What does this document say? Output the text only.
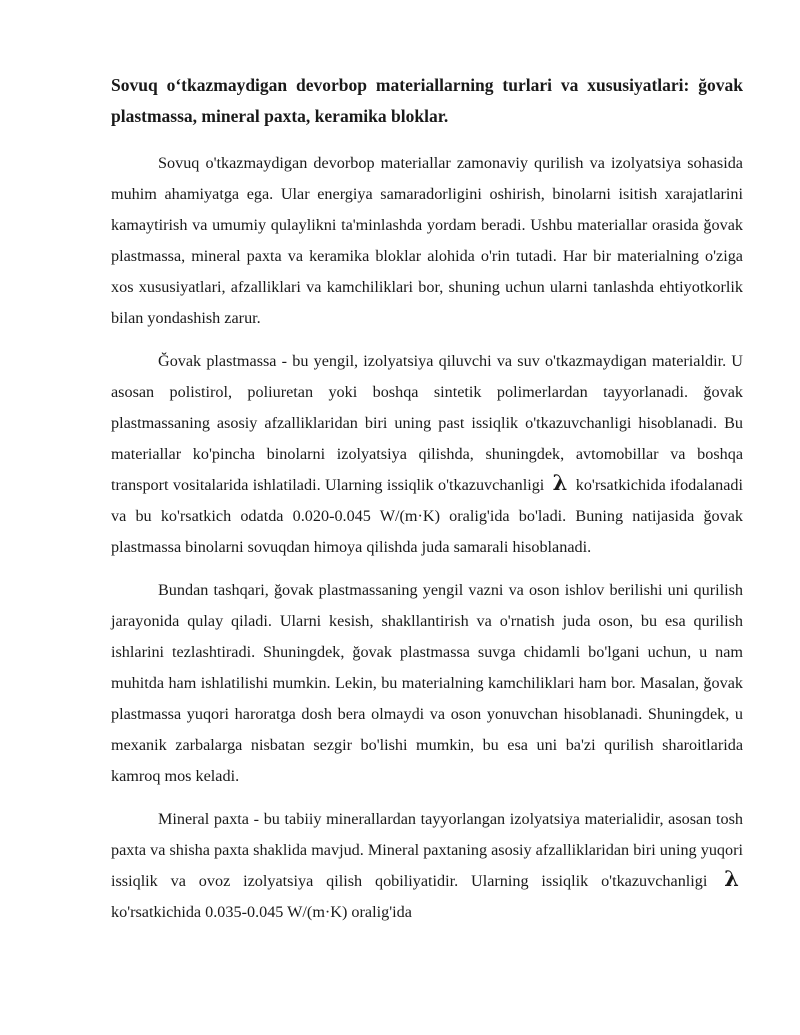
Sovuq oʻtkazmaydigan devorbop materiallarning turlari va xususiyatlari: ğovak plastmassa, mineral paxta, keramika bloklar.

Sovuq o'tkazmaydigan devorbop materiallar zamonaviy qurilish va izolyatsiya sohasida muhim ahamiyatga ega. Ular energiya samaradorligini oshirish, binolarni isitish xarajatlarini kamaytirish va umumiy qulaylikni ta'minlashda yordam beradi. Ushbu materiallar orasida ğovak plastmassa, mineral paxta va keramika bloklar alohida o'rin tutadi. Har bir materialning o'ziga xos xususiyatlari, afzalliklari va kamchiliklari bor, shuning uchun ularni tanlashda ehtiyotkorlik bilan yondashish zarur.

Ğovak plastmassa - bu yengil, izolyatsiya qiluvchi va suv o'tkazmaydigan materialdir. U asosan polistirol, poliuretan yoki boshqa sintetik polimerlardan tayyorlanadi. ğovak plastmassaning asosiy afzalliklaridan biri uning past issiqlik o'tkazuvchanligi hisoblanadi. Bu materiallar ko'pincha binolarni izolyatsiya qilishda, shuningdek, avtomobillar va boshqa transport vositalarida ishlatiladi. Ularning issiqlik o'tkazuvchanligi λ ko'rsatkichida ifodalanadi va bu ko'rsatkich odatda 0.020-0.045 W/(m·K) oralig'ida bo'ladi. Buning natijasida ğovak plastmassa binolarni sovuqdan himoya qilishda juda samarali hisoblanadi.

Bundan tashqari, ğovak plastmassaning yengil vazni va oson ishlov berilishi uni qurilish jarayonida qulay qiladi. Ularni kesish, shakllantirish va o'rnatish juda oson, bu esa qurilish ishlarini tezlashtiradi. Shuningdek, ğovak plastmassa suvga chidamli bo'lgani uchun, u nam muhitda ham ishlatilishi mumkin. Lekin, bu materialning kamchiliklari ham bor. Masalan, ğovak plastmassa yuqori haroratga dosh bera olmaydi va oson yonuvchan hisoblanadi. Shuningdek, u mexanik zarbalarga nisbatan sezgir bo'lishi mumkin, bu esa uni ba'zi qurilish sharoitlarida kamroq mos keladi.

Mineral paxta - bu tabiiy minerallardan tayyorlangan izolyatsiya materialidir, asosan tosh paxta va shisha paxta shaklida mavjud. Mineral paxtaning asosiy afzalliklaridan biri uning yuqori issiqlik va ovoz izolyatsiya qilish qobiliyatidir. Ularning issiqlik o'tkazuvchanligi λ ko'rsatkichida 0.035-0.045 W/(m·K) oralig'ida
